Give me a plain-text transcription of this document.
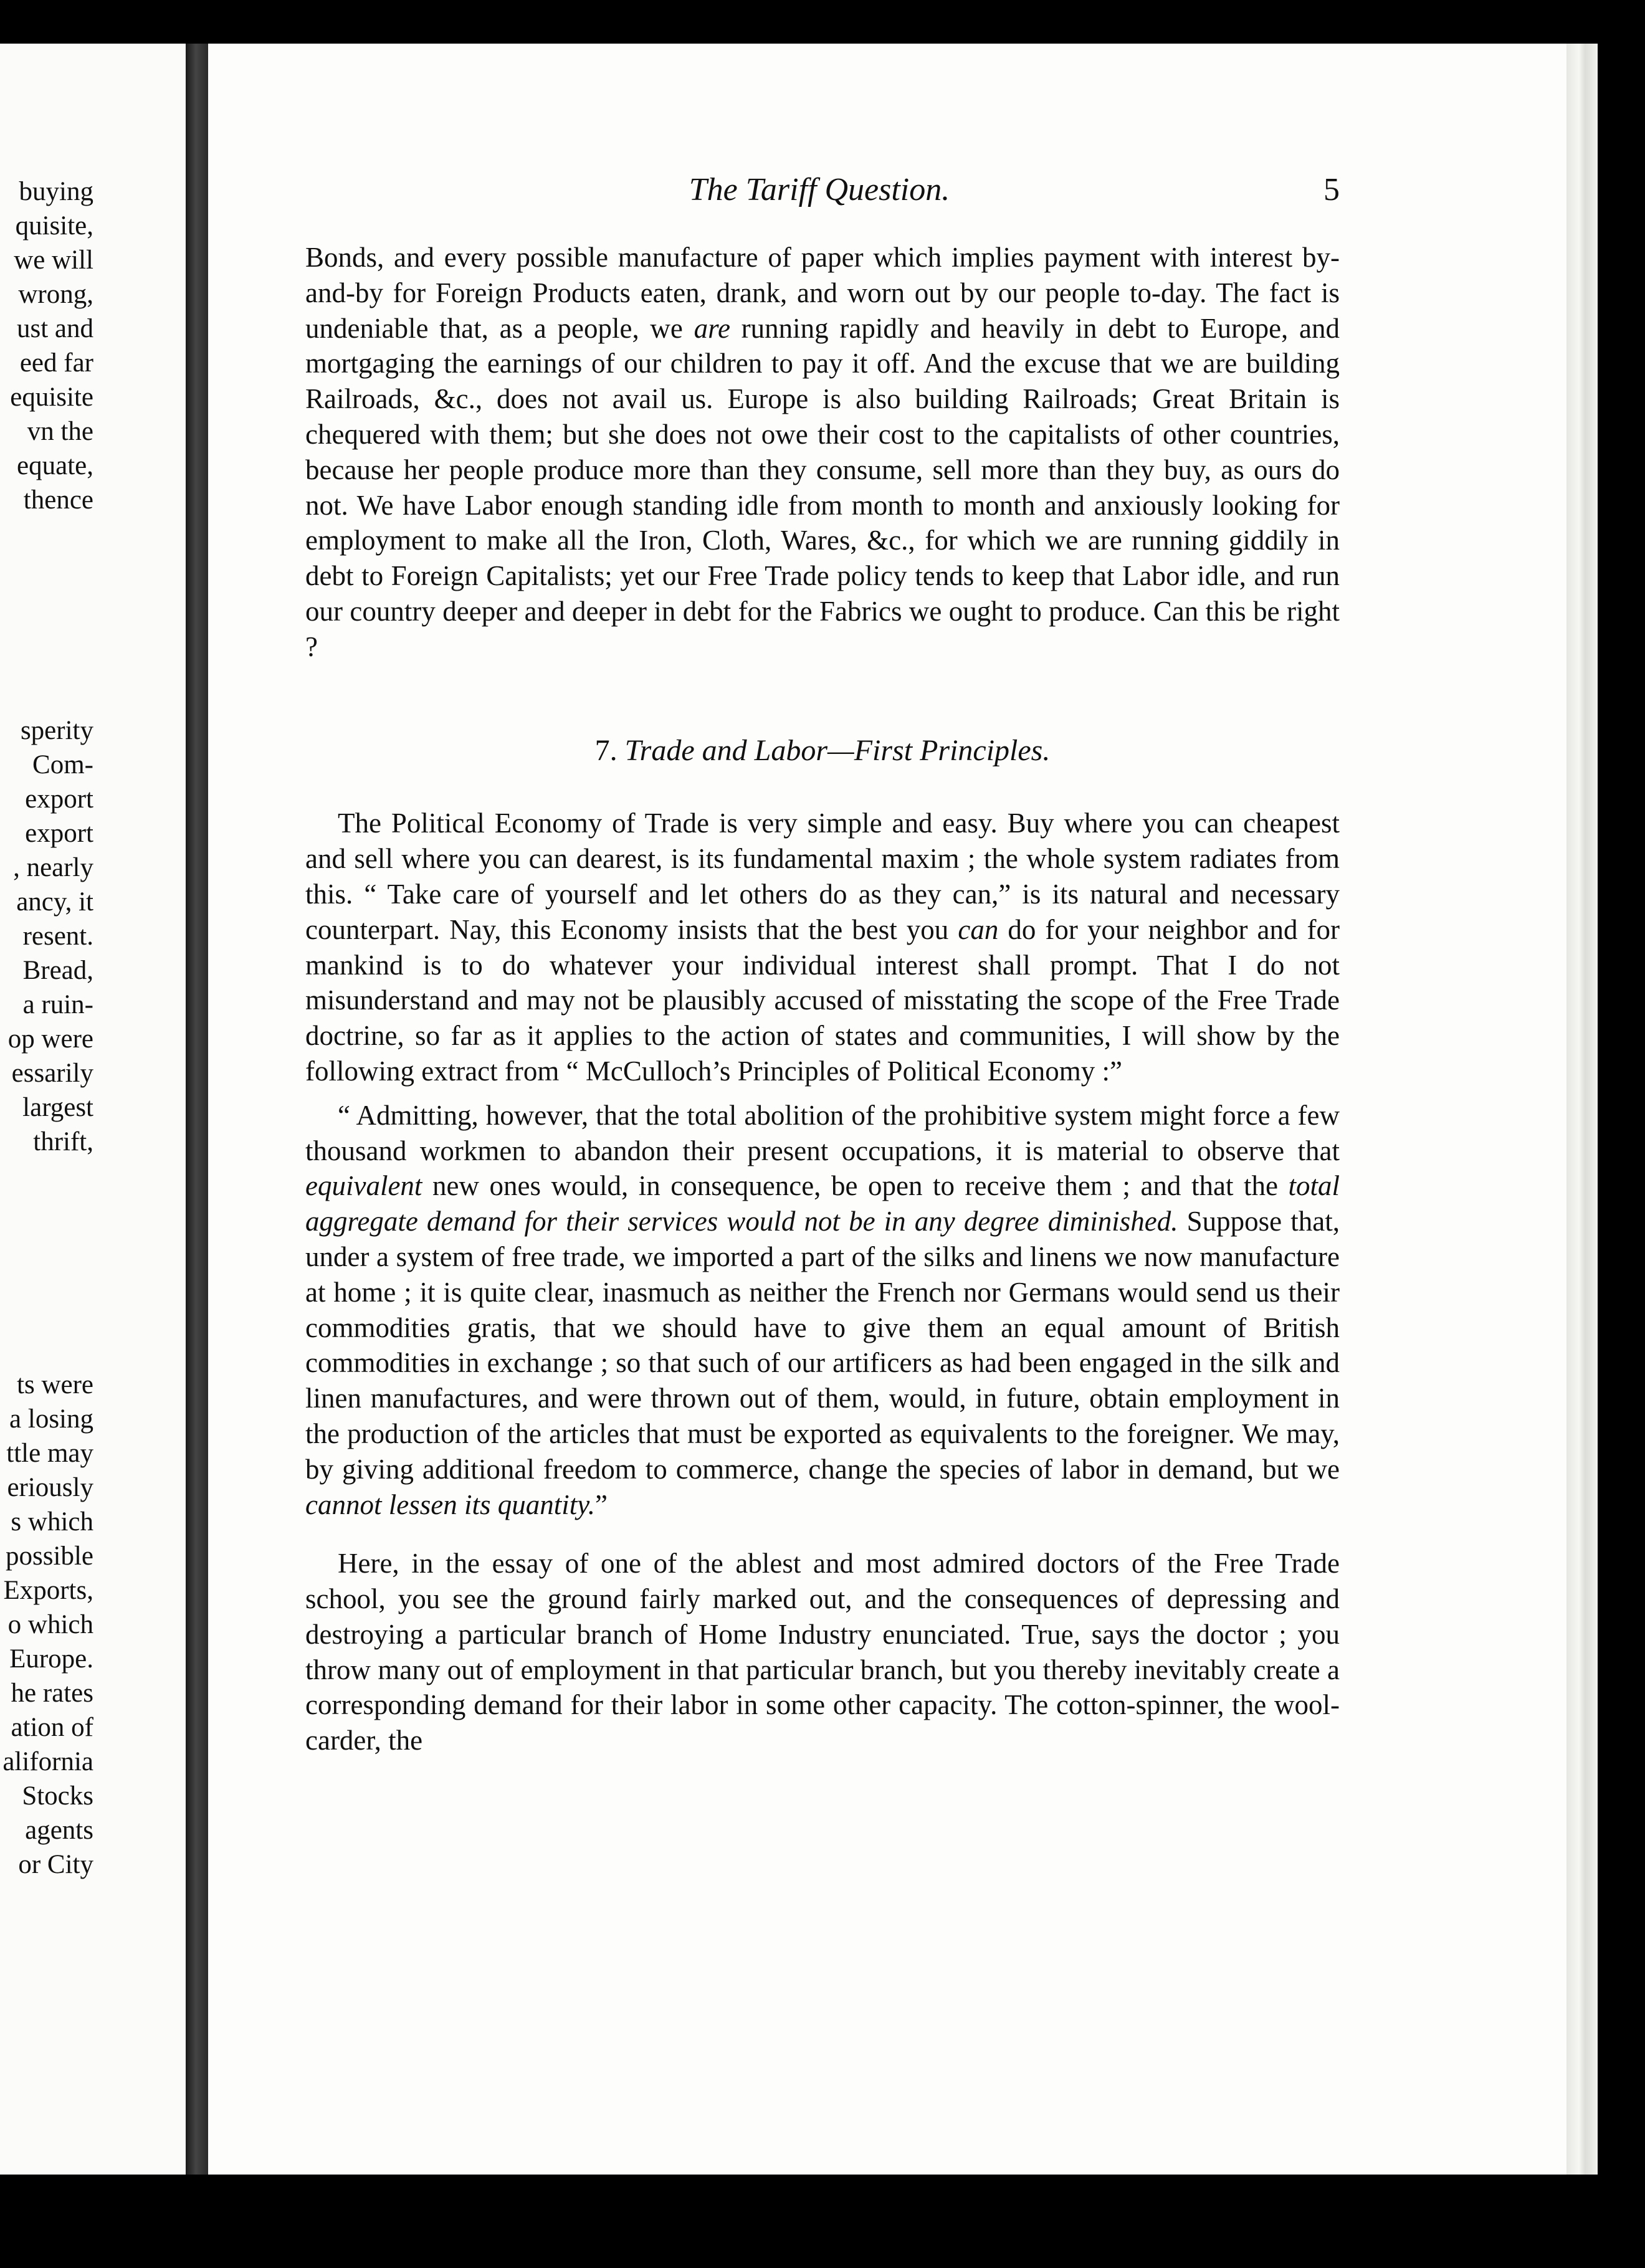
buying
quisite,
we will
wrong,
ust and
eed far
equisite
vn the
equate,
thence
sperity
Com-
export
export
, nearly
ancy, it
resent.
Bread,
a ruin-
op were
essarily
largest
thrift,
ts were
a losing
ttle may
eriously
s which
possible
Exports,
o which
Europe.
he rates
ation of
alifornia
Stocks
agents
or City
The Tariff Question.	5

Bonds, and every possible manufacture of paper which implies payment with interest by-and-by for Foreign Products eaten, drank, and worn out by our people to-day. The fact is undeniable that, as a people, we are running rapidly and heavily in debt to Europe, and mortgaging the earnings of our children to pay it off. And the excuse that we are building Railroads, &c., does not avail us. Europe is also building Railroads; Great Britain is chequered with them; but she does not owe their cost to the capitalists of other countries, because her people produce more than they consume, sell more than they buy, as ours do not. We have Labor enough standing idle from month to month and anxiously looking for employment to make all the Iron, Cloth, Wares, &c., for which we are running giddily in debt to Foreign Capitalists; yet our Free Trade policy tends to keep that Labor idle, and run our country deeper and deeper in debt for the Fabrics we ought to produce. Can this be right ?

7. Trade and Labor—First Principles.

The Political Economy of Trade is very simple and easy. Buy where you can cheapest and sell where you can dearest, is its fundamental maxim ; the whole system radiates from this. “ Take care of yourself and let others do as they can,” is its natural and necessary counterpart. Nay, this Economy insists that the best you can do for your neighbor and for mankind is to do whatever your individual interest shall prompt. That I do not misunderstand and may not be plausibly accused of misstating the scope of the Free Trade doctrine, so far as it applies to the action of states and communities, I will show by the following extract from “ McCulloch’s Principles of Political Economy :”

“ Admitting, however, that the total abolition of the prohibitive system might force a few thousand workmen to abandon their present occupations, it is material to observe that equivalent new ones would, in consequence, be open to receive them ; and that the total aggregate demand for their services would not be in any degree diminished. Suppose that, under a system of free trade, we imported a part of the silks and linens we now manufacture at home ; it is quite clear, inasmuch as neither the French nor Germans would send us their commodities gratis, that we should have to give them an equal amount of British commodities in exchange ; so that such of our artificers as had been engaged in the silk and linen manufactures, and were thrown out of them, would, in future, obtain employment in the production of the articles that must be exported as equivalents to the foreigner. We may, by giving additional freedom to commerce, change the species of labor in demand, but we cannot lessen its quantity.”

Here, in the essay of one of the ablest and most admired doctors of the Free Trade school, you see the ground fairly marked out, and the consequences of depressing and destroying a particular branch of Home Industry enunciated. True, says the doctor ; you throw many out of employment in that particular branch, but you thereby inevitably create a corresponding demand for their labor in some other capacity. The cotton-spinner, the wool-carder, the
